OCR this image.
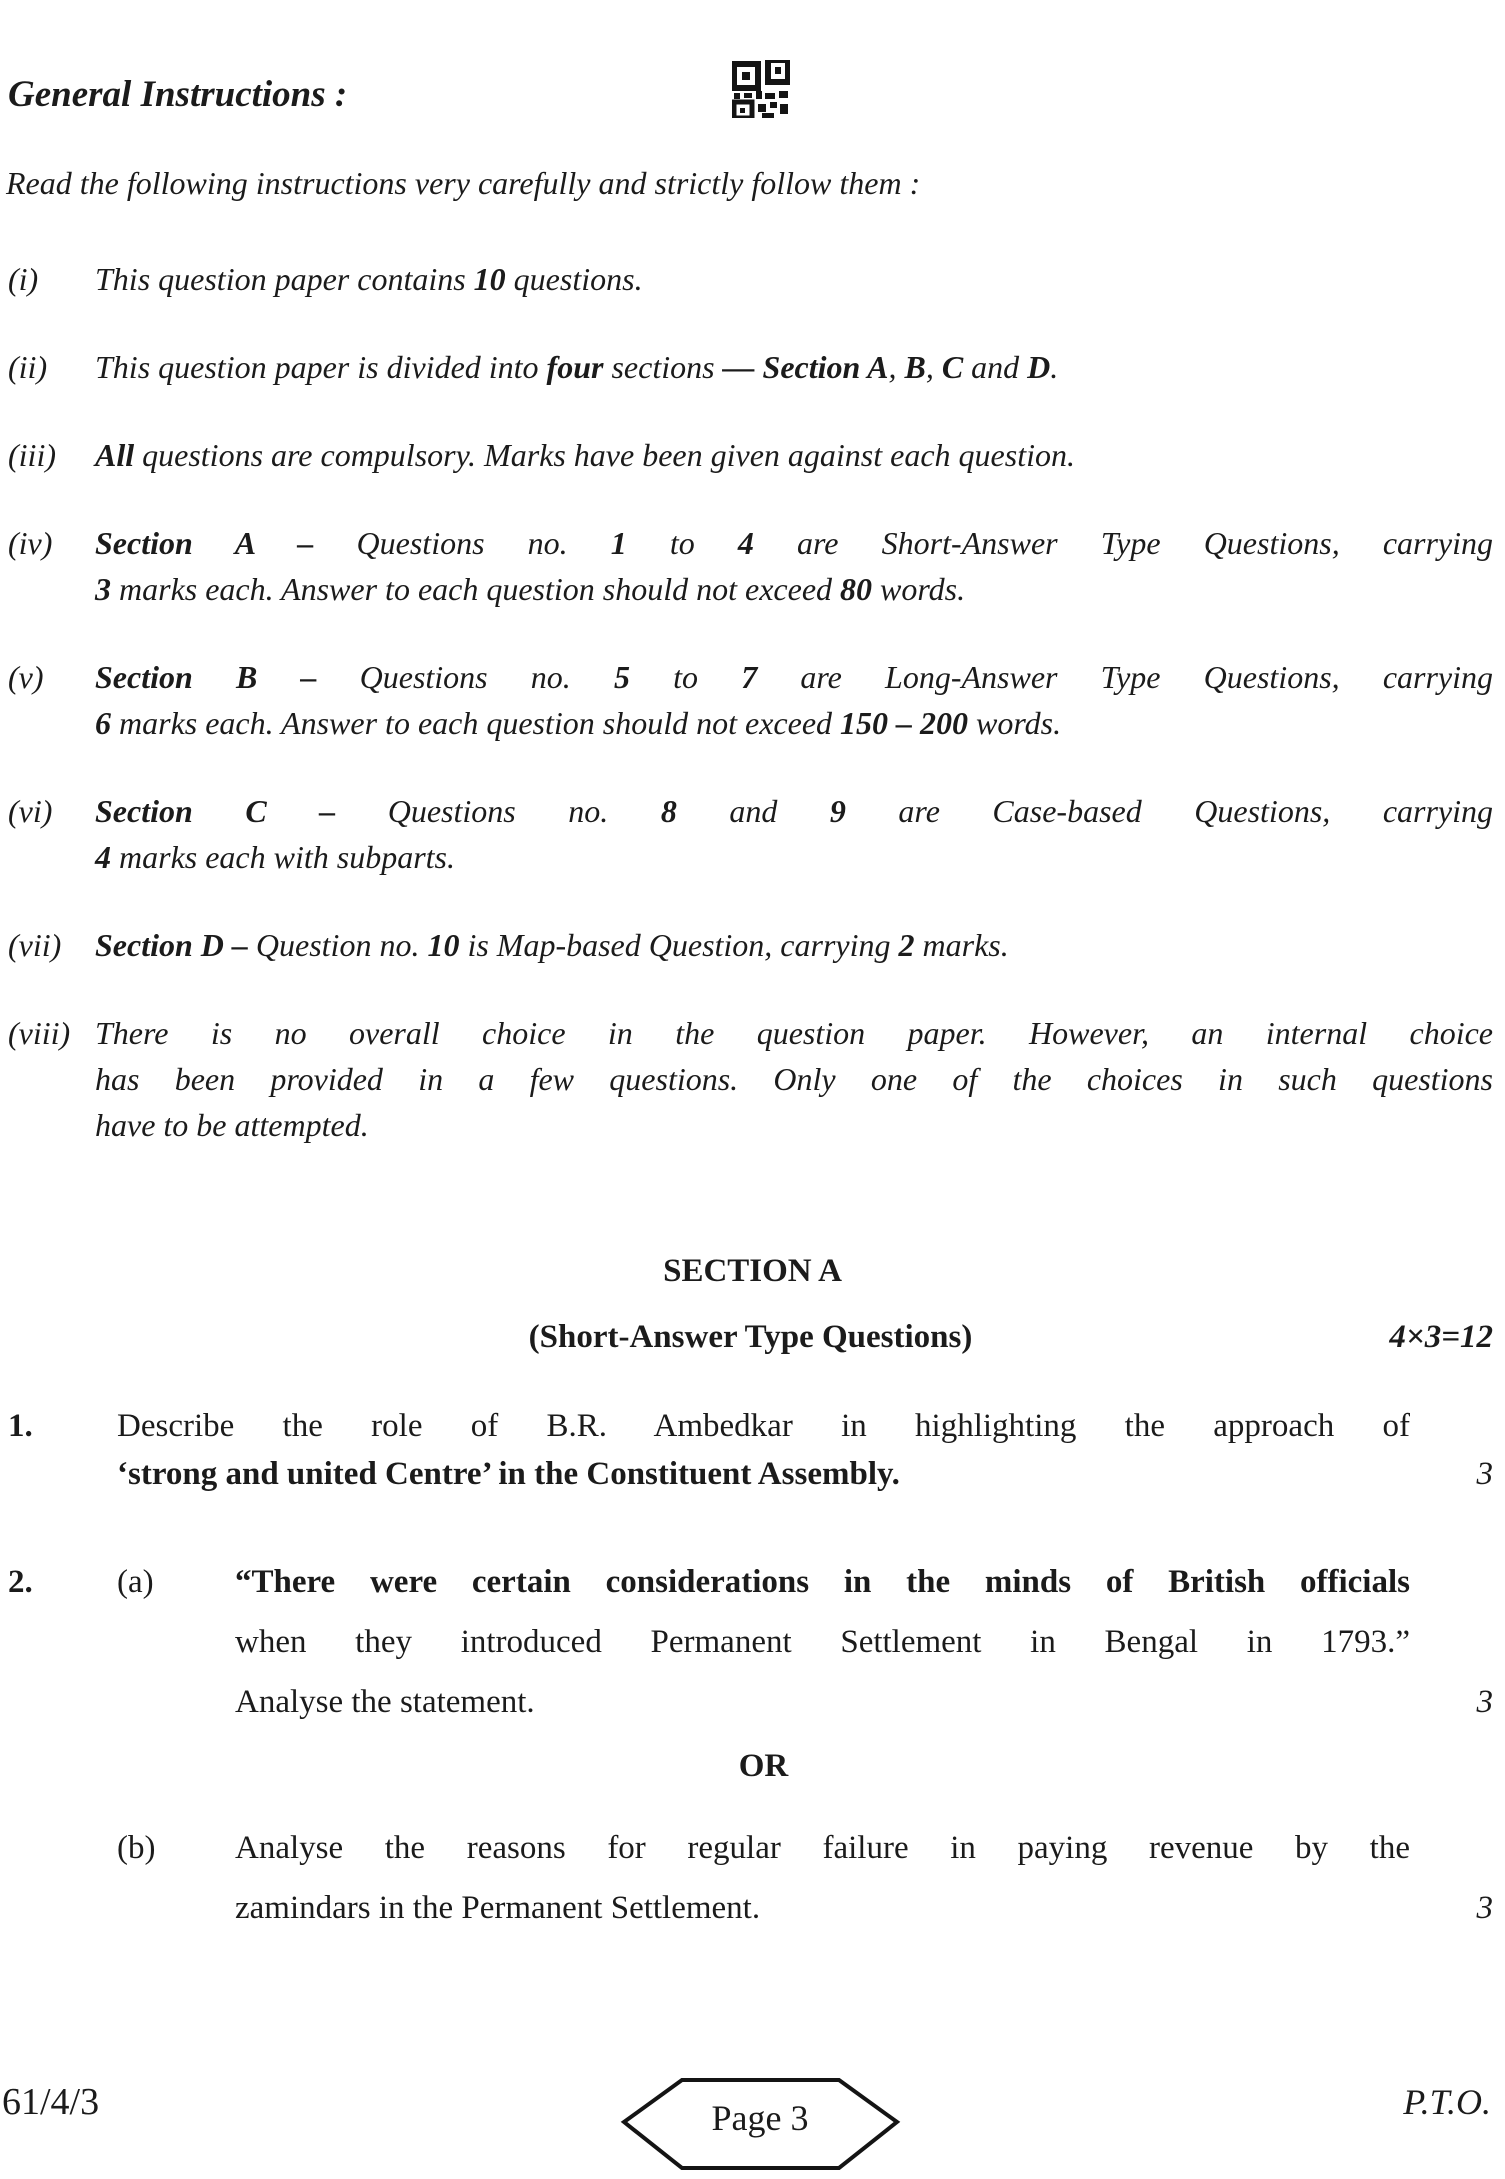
General Instructions :
Read the following instructions very carefully and strictly follow them :
(i)	This question paper contains 10 questions.
(ii)	This question paper is divided into four sections — Section A, B, C and D.
(iii)	All questions are compulsory. Marks have been given against each question.
(iv)	Section A – Questions no. 1 to 4 are Short-Answer Type Questions, carrying
3 marks each. Answer to each question should not exceed 80 words.
(v)	Section B – Questions no. 5 to 7 are Long-Answer Type Questions, carrying
6 marks each. Answer to each question should not exceed 150 – 200 words.
(vi)	Section C – Questions no. 8 and 9 are Case-based Questions, carrying
4 marks each with subparts.
(vii)	Section D – Question no. 10 is Map-based Question, carrying 2 marks.
(viii) There is no overall choice in the question paper. However, an internal choice
has been provided in a few questions. Only one of the choices in such questions
have to be attempted.
SECTION A
(Short-Answer Type Questions)	4×3=12
1.	Describe the role of B.R. Ambedkar in highlighting the approach of
‘strong and united Centre’ in the Constituent Assembly.	3
2.	(a)	“There were certain considerations in the minds of British officials
when they introduced Permanent Settlement in Bengal in 1793.”
Analyse the statement.	3
OR
(b)	Analyse the reasons for regular failure in paying revenue by the
zamindars in the Permanent Settlement.	3
61/4/3	Page 3	P.T.O.
